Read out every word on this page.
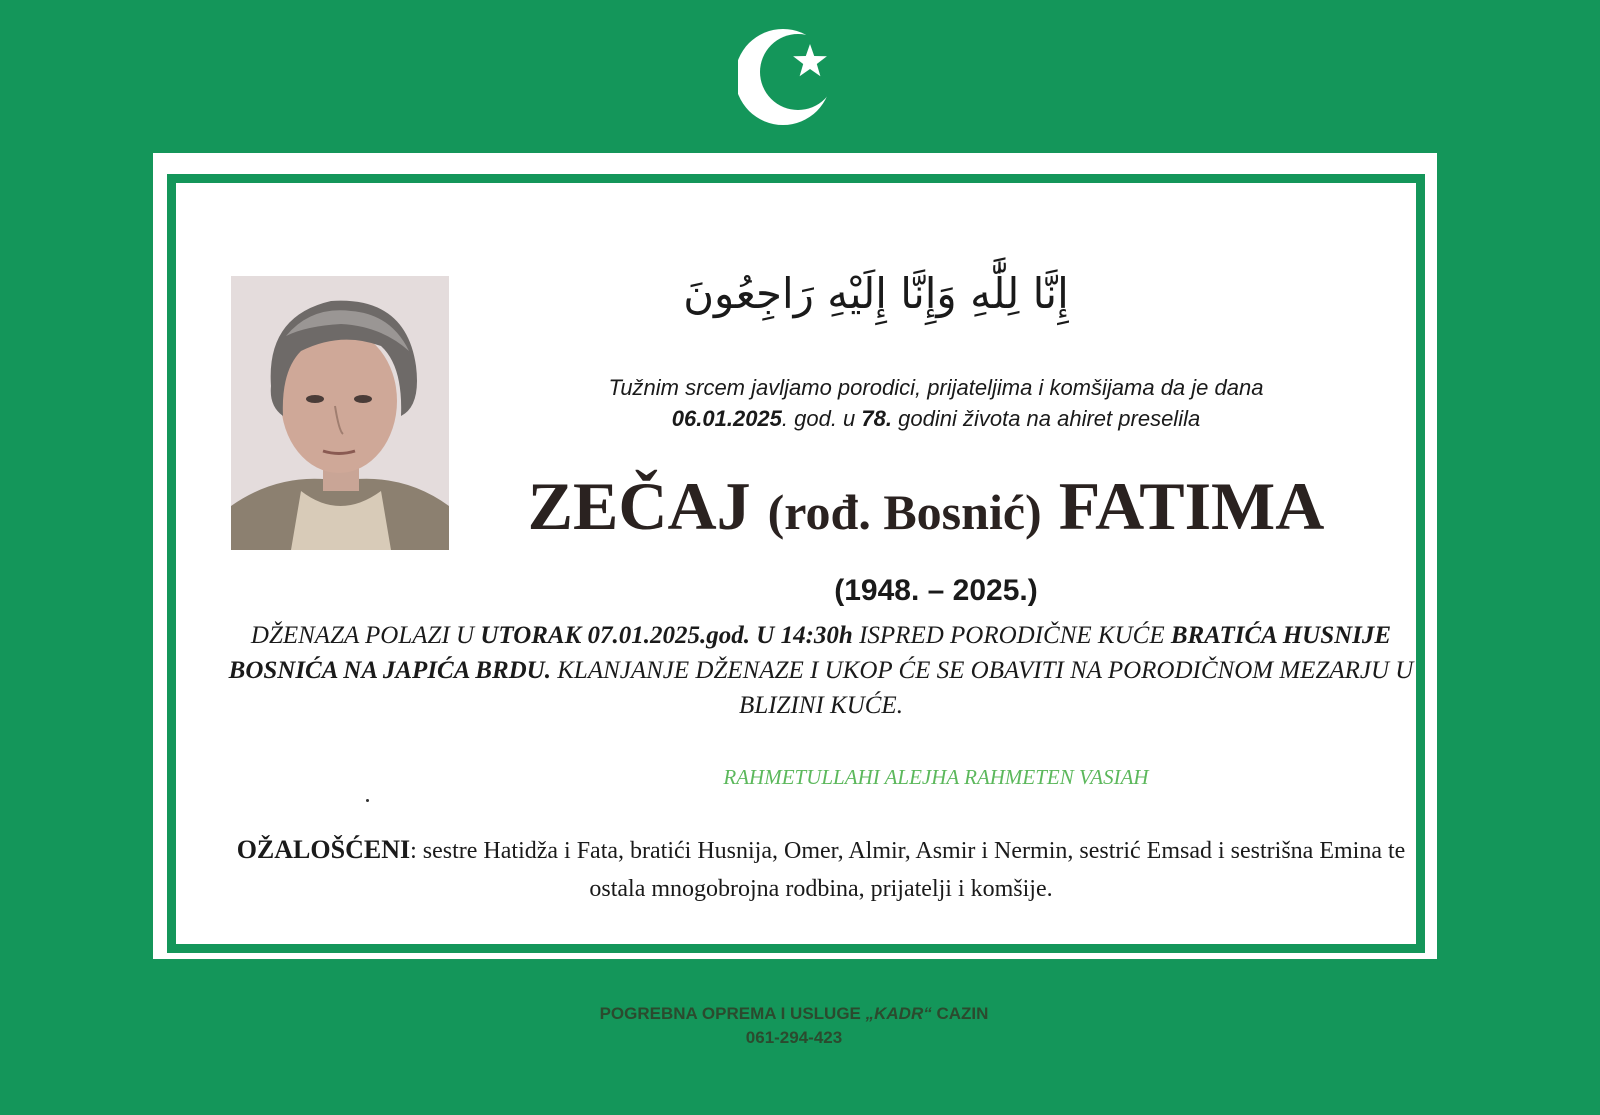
إِنَّا لِلَّٰهِ وَإِنَّا إِلَيْهِ رَاجِعُونَ
Tužnim srcem javljamo porodici, prijateljima i komšijama da je dana
06.01.2025. god. u 78. godini života na ahiret preselila
ZEČAJ (rođ. Bosnić) FATIMA
(1948. – 2025.)
DŽENAZA POLAZI U UTORAK 07.01.2025.god. U 14:30h ISPRED PORODIČNE KUĆE BRATIĆA HUSNIJE BOSNIĆA NA JAPIĆA BRDU. KLANJANJE DŽENAZE I UKOP ĆE SE OBAVITI NA PORODIČNOM MEZARJU U BLIZINI KUĆE.
RAHMETULLAHI ALEJHA RAHMETEN VASIAH
OŽALOŠĆENI: sestre Hatidža i Fata, bratići Husnija, Omer, Almir, Asmir i Nermin, sestrić Emsad i sestrišna Emina te ostala mnogobrojna rodbina, prijatelji i komšije.
POGREBNA OPREMA I USLUGE „KADR“ CAZIN
061-294-423
